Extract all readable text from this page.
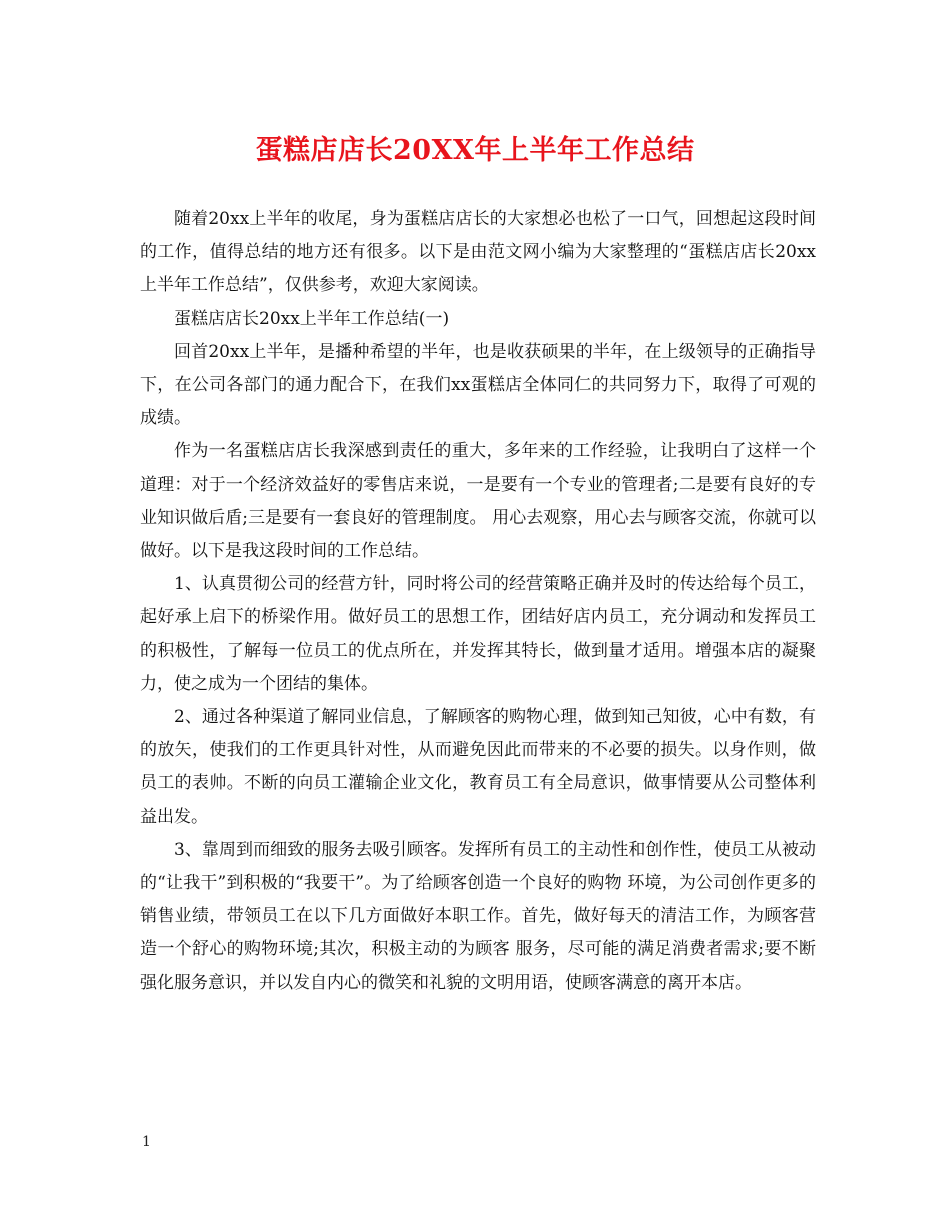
蛋糕店店长20XX年上半年工作总结

随着20xx上半年的收尾，身为蛋糕店店长的大家想必也松了一口气，回想起这段时间的工作，值得总结的地方还有很多。以下是由范文网小编为大家整理的“蛋糕店店长20xx上半年工作总结”，仅供参考，欢迎大家阅读。

蛋糕店店长20xx上半年工作总结(一)

回首20xx上半年，是播种希望的半年，也是收获硕果的半年，在上级领导的正确指导下，在公司各部门的通力配合下，在我们xx蛋糕店全体同仁的共同努力下，取得了可观的成绩。

作为一名蛋糕店店长我深感到责任的重大，多年来的工作经验，让我明白了这样一个道理：对于一个经济效益好的零售店来说，一是要有一个专业的管理者;二是要有良好的专业知识做后盾;三是要有一套良好的管理制度。 用心去观察，用心去与顾客交流，你就可以做好。以下是我这段时间的工作总结。

1、认真贯彻公司的经营方针，同时将公司的经营策略正确并及时的传达给每个员工，起好承上启下的桥梁作用。做好员工的思想工作，团结好店内员工，充分调动和发挥员工的积极性，了解每一位员工的优点所在，并发挥其特长，做到量才适用。增强本店的凝聚力，使之成为一个团结的集体。

2、通过各种渠道了解同业信息，了解顾客的购物心理，做到知己知彼，心中有数，有的放矢，使我们的工作更具针对性，从而避免因此而带来的不必要的损失。以身作则，做员工的表帅。不断的向员工灌输企业文化，教育员工有全局意识，做事情要从公司整体利益出发。

3、靠周到而细致的服务去吸引顾客。发挥所有员工的主动性和创作性，使员工从被动的“让我干”到积极的“我要干”。为了给顾客创造一个良好的购物 环境，为公司创作更多的销售业绩，带领员工在以下几方面做好本职工作。首先，做好每天的清洁工作，为顾客营造一个舒心的购物环境;其次，积极主动的为顾客 服务，尽可能的满足消费者需求;要不断强化服务意识，并以发自内心的微笑和礼貌的文明用语，使顾客满意的离开本店。

1
